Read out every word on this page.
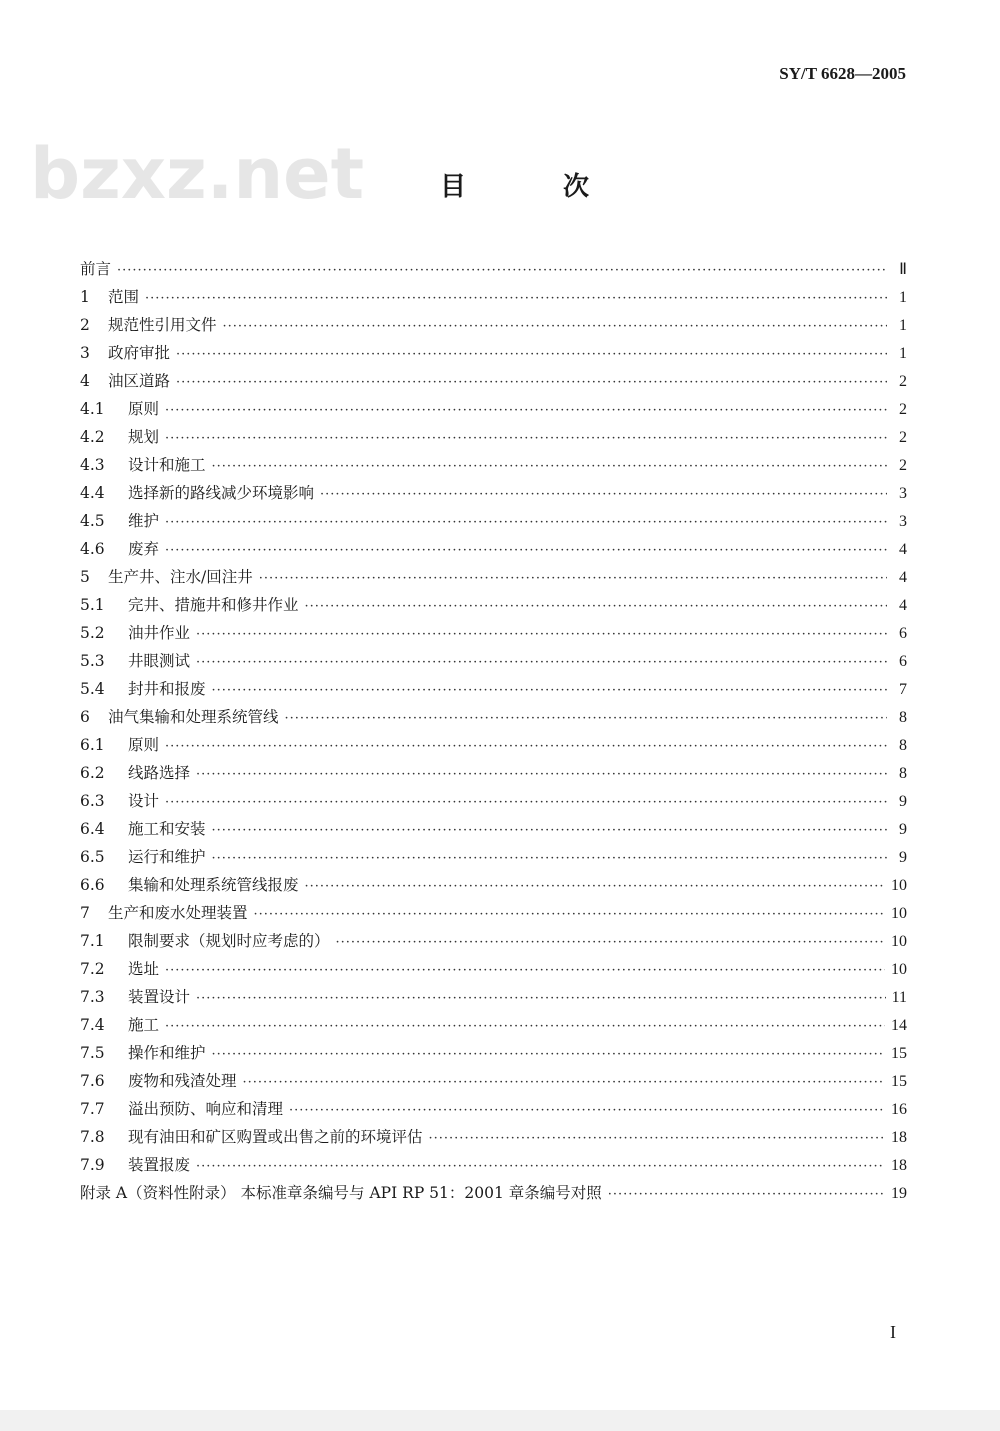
SY/T 6628—2005
bzxz.net	目 次
前言 ·····	Ⅱ
1	范围 ·····	1
2	规范性引用文件 ·····	1
3	政府审批 ·····	1
4	油区道路 ·····	2
4.1	原则 ·····	2
4.2	规划 ·····	2
4.3	设计和施工 ·····	2
4.4	选择新的路线减少环境影响 ·····	3
4.5	维护 ·····	3
4.6	废弃 ·····	4
5	生产井、注水/回注井 ·····	4
5.1	完井、措施井和修井作业 ·····	4
5.2	油井作业 ·····	6
5.3	井眼测试 ·····	6
5.4	封井和报废 ·····	7
6	油气集输和处理系统管线 ·····	8
6.1	原则 ·····	8
6.2	线路选择 ·····	8
6.3	设计 ·····	9
6.4	施工和安装 ·····	9
6.5	运行和维护 ·····	9
6.6	集输和处理系统管线报废 ·····	10
7	生产和废水处理装置 ·····	10
7.1	限制要求（规划时应考虑的） ·····	10
7.2	选址 ·····	10
7.3	装置设计 ·····	11
7.4	施工 ·····	14
7.5	操作和维护 ·····	15
7.6	废物和残渣处理 ·····	15
7.7	溢出预防、响应和清理 ·····	16
7.8	现有油田和矿区购置或出售之前的环境评估 ·····	18
7.9	装置报废 ·····	18
附录 A（资料性附录） 本标准章条编号与 API RP 51：2001 章条编号对照 ·····	19
I
